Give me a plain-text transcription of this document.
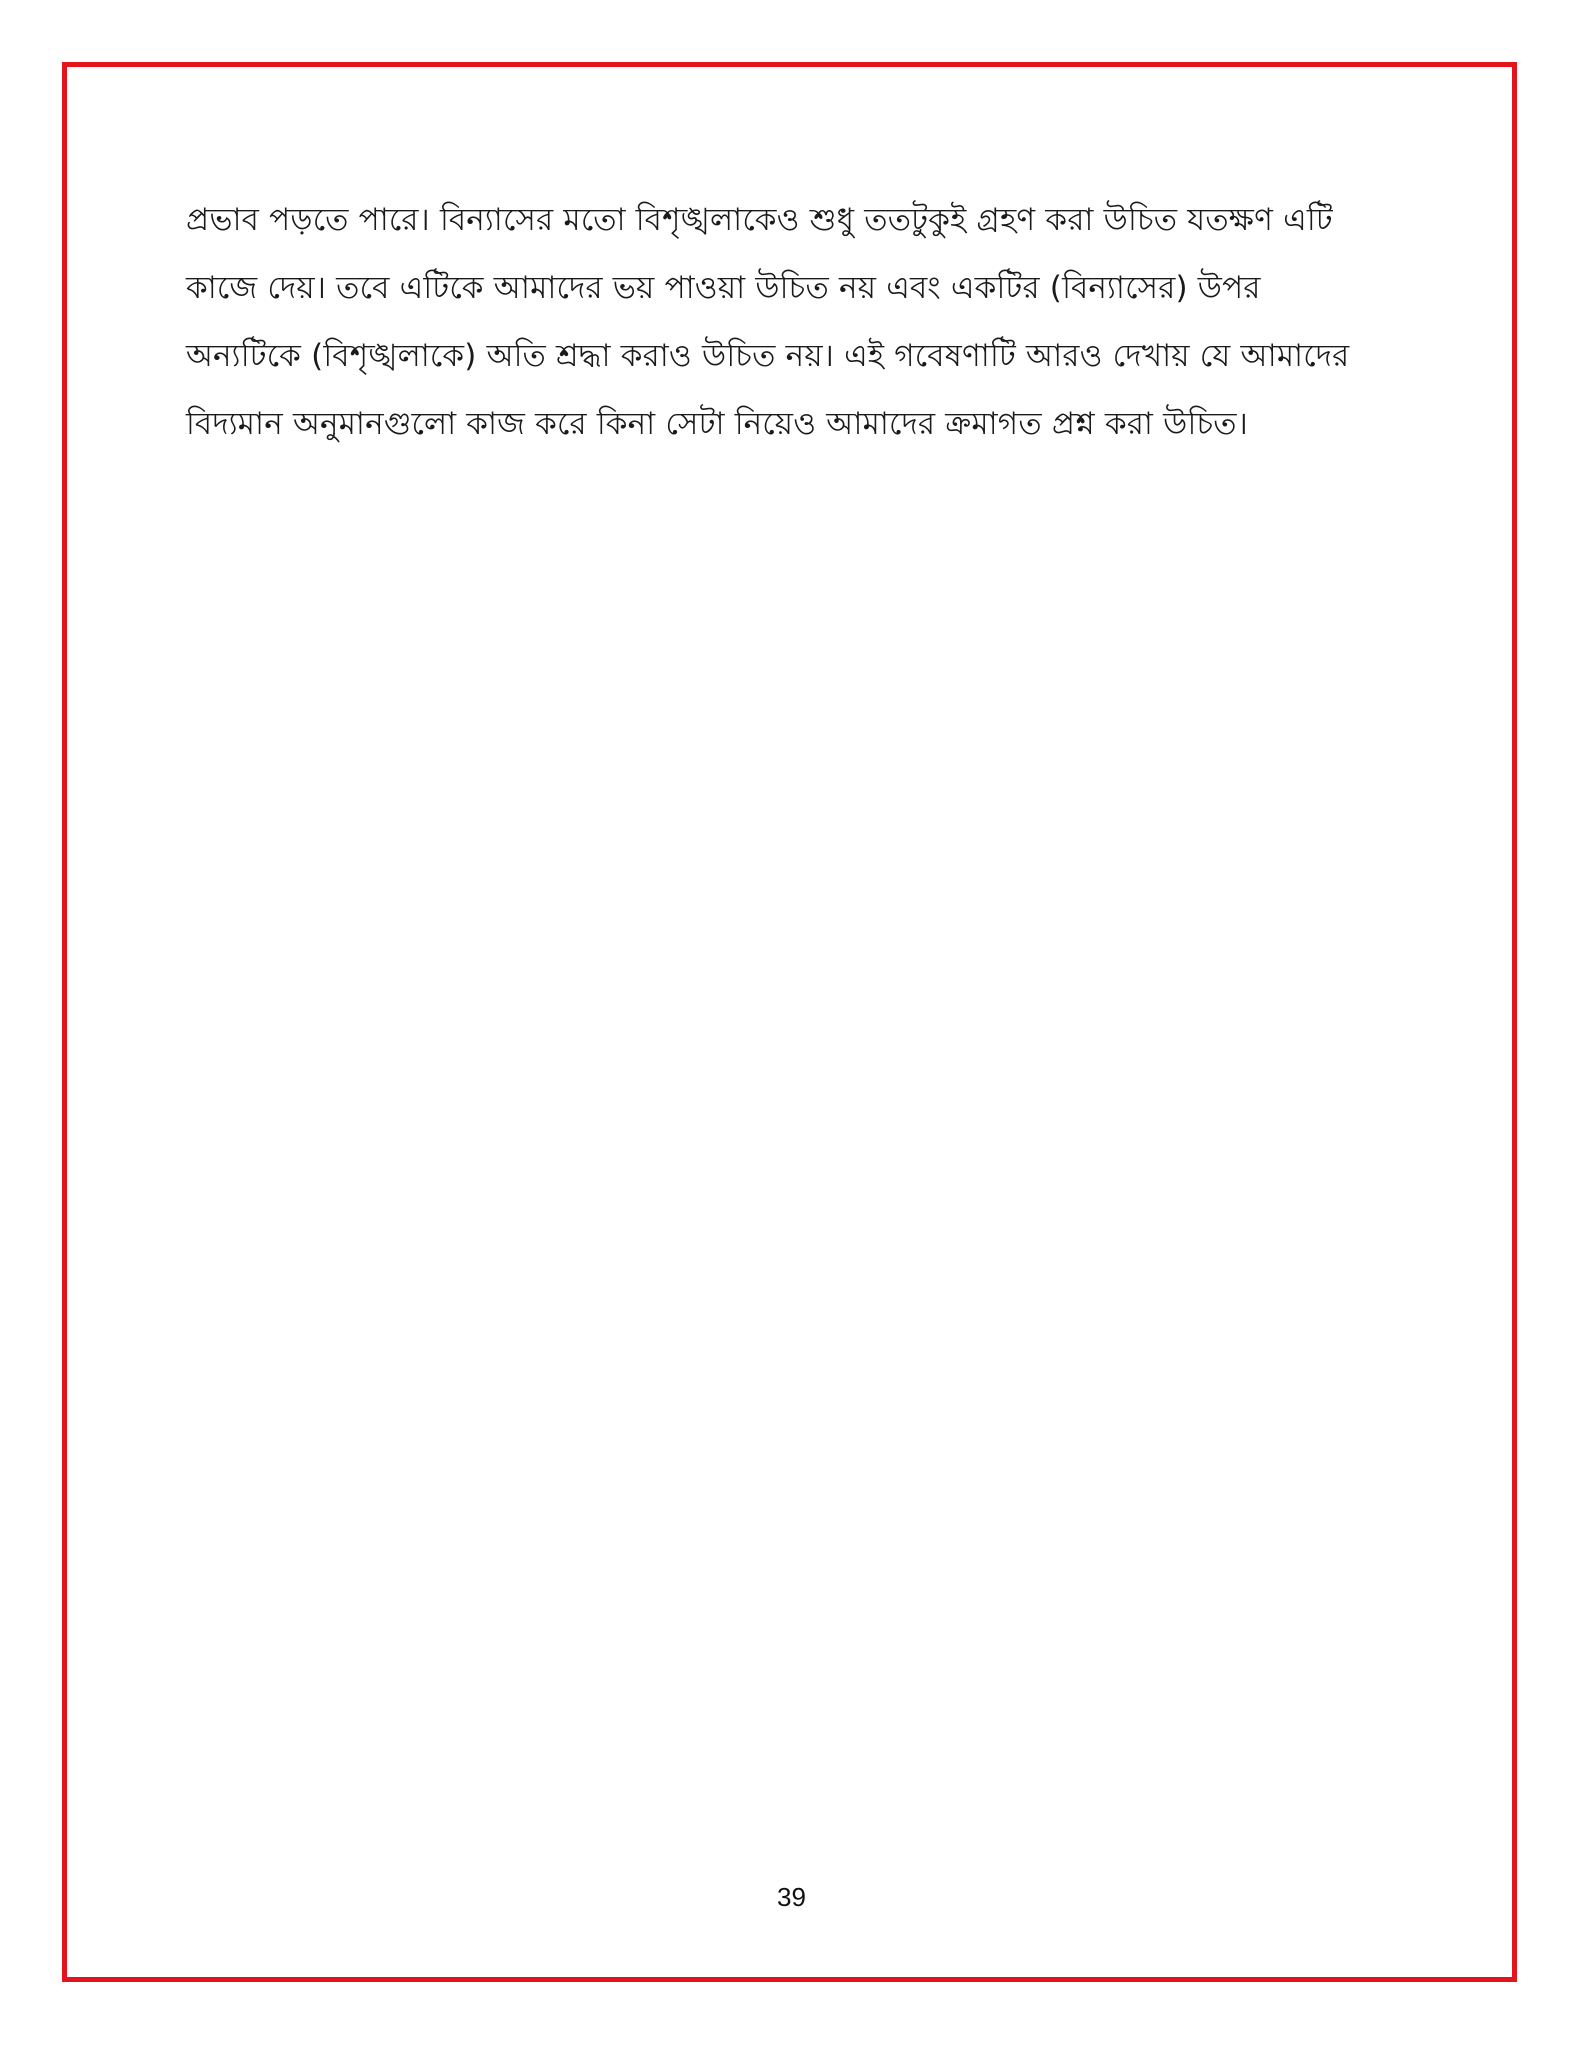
প্রভাব পড়তে পারে। বিন্যাসের মতো বিশৃঙ্খলাকেও শুধু ততটুকুই গ্রহণ করা উচিত যতক্ষণ এটি
কাজে দেয়। তবে এটিকে আমাদের ভয় পাওয়া উচিত নয় এবং একটির (বিন্যাসের) উপর
অন্যটিকে (বিশৃঙ্খলাকে) অতি শ্রদ্ধা করাও উচিত নয়। এই গবেষণাটি আরও দেখায় যে আমাদের
বিদ্যমান অনুমানগুলো কাজ করে কিনা সেটা নিয়েও আমাদের ক্রমাগত প্রশ্ন করা উচিত।
39
